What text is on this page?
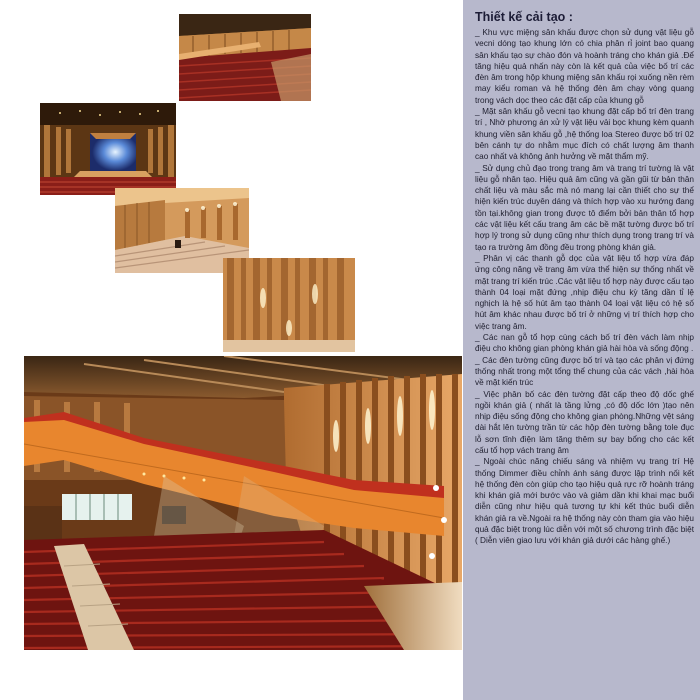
Thiết kế cải tạo :

_ Khu vực miệng sân khấu được chọn sử dụng vật liệu gỗ vecni dóng tạo khung lớn có chia phân rỉ joint bao quang sân khấu tạo sự chào đón và hoành tráng cho khán giả .Để tăng hiệu quả nhấn này còn là kết quả của việc bố trí các đèn âm trong hộp khung miệng sân khấu rọi xuống nền rèm may kiểu roman và hệ thống đèn âm chạy vòng quang trong vách dọc theo các đặt cấp của khung gỗ

_ Mặt sân khấu gỗ vecni tạo khung đặt cấp bố trí đèn trang trí , Nhờ phương án xử lý vật liệu vải bọc khung kèm quanh khung viền sân khấu gỗ ,hệ thống loa Stereo được bố trí 02 bên cánh tự do nhằm mục đích có chất lượng âm thanh cao nhất và không ảnh hưởng về mặt thẩm mỹ.

_ Sử dụng chủ đạo trong trang âm và trang trí tường là vật liệu gỗ nhân tạo. Hiệu quả âm cũng và gần gũi từ bản thân chất liệu và màu sắc mà nó mang lại cần thiết cho sự thể hiện kiến trúc duyên dáng và thích hợp vào xu hướng đang tồn tại.không gian trong được tô điểm bởi bản thân tổ hợp các vật liệu kết cấu trang âm các bề mặt tường được bố trí hợp lý trong sử dụng cũng như thích dụng trong trang trí và tạo ra trường âm đồng đều trong phòng khán giả.

_ Phân vị các thanh gỗ dọc của vật liệu tổ hợp vừa đáp ứng công năng về trang âm vừa thể hiện sự thống nhất về mặt trang trí kiến trúc .Các vật liệu tổ hợp này được cấu tạo thành 04 loại mặt đứng ,nhịp điệu chu kỳ tăng dần tỉ lệ nghịch là hệ số hút âm tạo thành 04 loại vật liệu có hệ số hút âm khác nhau được bố trí ở những vị trí thích hợp cho việc trang âm.

_ Các nan gỗ tổ hợp cùng cách bố trí đèn vách làm nhịp điệu cho không gian phòng khán giả hài hòa và sống động .

_ Các đèn tường cũng được bố trí và tạo các phân vị đứng thống nhất trong một tổng thể chung của các vách ,hài hòa về mặt kiến trúc

_ Việc phân bố các đèn tường đặt cấp theo độ dốc ghế ngồi khán giả ( nhất là tầng lửng ,có độ dốc lớn )tạo nên nhịp điệu sống động cho không gian phòng.Những vệt sáng dài hắt lên tường trần từ các hộp đèn tường bằng tole đục lỗ sơn tĩnh điện làm tăng thêm sự bay bổng cho các kết cấu tổ hợp vách trang âm

_ Ngoài chúc năng chiếu sáng và nhiệm vụ trang trí Hệ thống Dimmer điều chỉnh ánh sáng được lập trình nối kết hệ thống đèn còn giúp cho tạo hiệu quả rực rỡ hoành tráng khi khán giả mới bước vào và giảm dần khi khai mạc buổi diễn cũng như hiệu quả tương tự khi kết thúc buổi diễn khán giả ra về.Ngoài ra hệ thống này còn tham gia vào hiệu quả đặc biệt trong lúc diễn với một số chương trình đặc biệt ( Diễn viên giao lưu với khán giả dưới các hàng ghế.)
